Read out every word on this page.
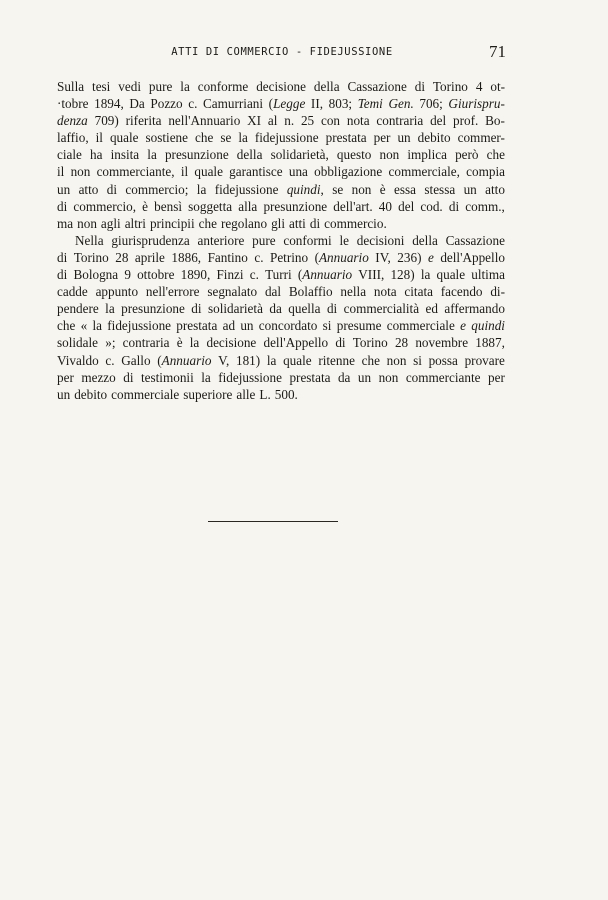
ATTI DI COMMERCIO - FIDEJUSSIONE	71
Sulla tesi vedi pure la conforme decisione della Cassazione di Torino 4 ot-
·tobre 1894, Da Pozzo c. Camurriani (Legge II, 803; Temi Gen. 706; Giurispru-
denza 709) riferita nell'Annuario XI al n. 25 con nota contraria del prof. Bo-
laffio, il quale sostiene che se la fidejussione prestata per un debito commer-
ciale ha insita la presunzione della solidarietà, questo non implica però che
il non commerciante, il quale garantisce una obbligazione commerciale, compia
un atto di commercio; la fidejussione quindi, se non è essa stessa un atto
di commercio, è bensì soggetta alla presunzione dell'art. 40 del cod. di comm.,
ma non agli altri principii che regolano gli atti di commercio.
Nella giurisprudenza anteriore pure conformi le decisioni della Cassazione
di Torino 28 aprile 1886, Fantino c. Petrino (Annuario IV, 236) e dell'Appello
di Bologna 9 ottobre 1890, Finzi c. Turri (Annuario VIII, 128) la quale ultima
cadde appunto nell'errore segnalato dal Bolaffio nella nota citata facendo di-
pendere la presunzione di solidarietà da quella di commercialità ed affermando
che « la fidejussione prestata ad un concordato si presume commerciale e quindi
solidale »; contraria è la decisione dell'Appello di Torino 28 novembre 1887,
Vivaldo c. Gallo (Annuario V, 181) la quale ritenne che non si possa provare
per mezzo di testimonii la fidejussione prestata da un non commerciante per
un debito commerciale superiore alle L. 500.
